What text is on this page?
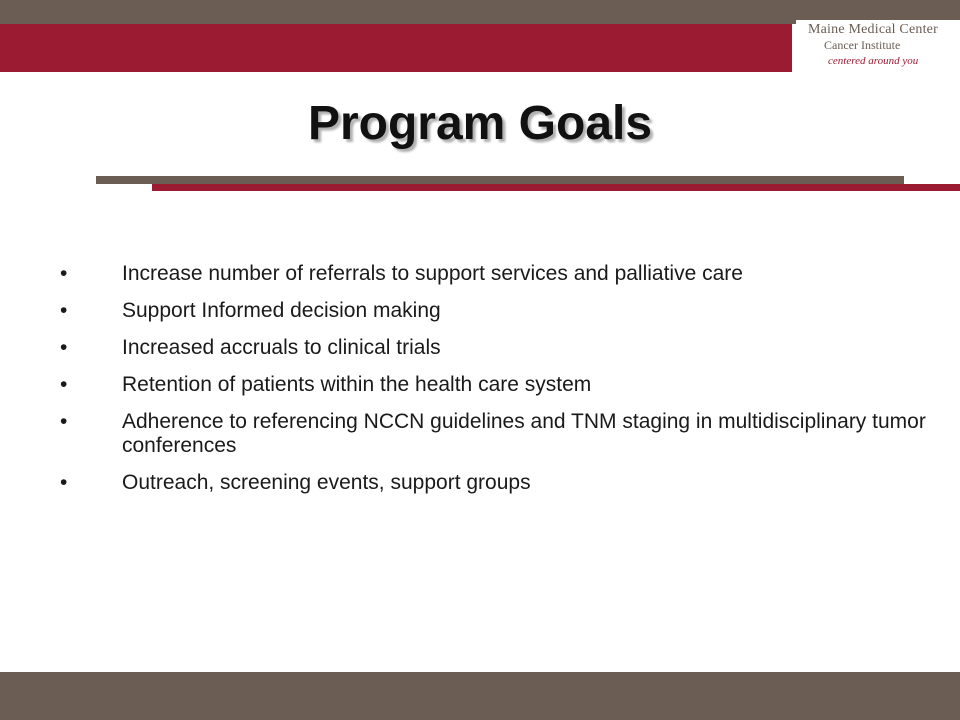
Maine Medical Center
Cancer Institute
centered around you
Program Goals
•	Increase number of referrals to support services and palliative care
•	Support Informed decision making
•	Increased accruals to clinical trials
•	Retention of patients within the health care system
•	Adherence to referencing NCCN guidelines and TNM staging in multidisciplinary tumor conferences
•	Outreach, screening events, support groups
